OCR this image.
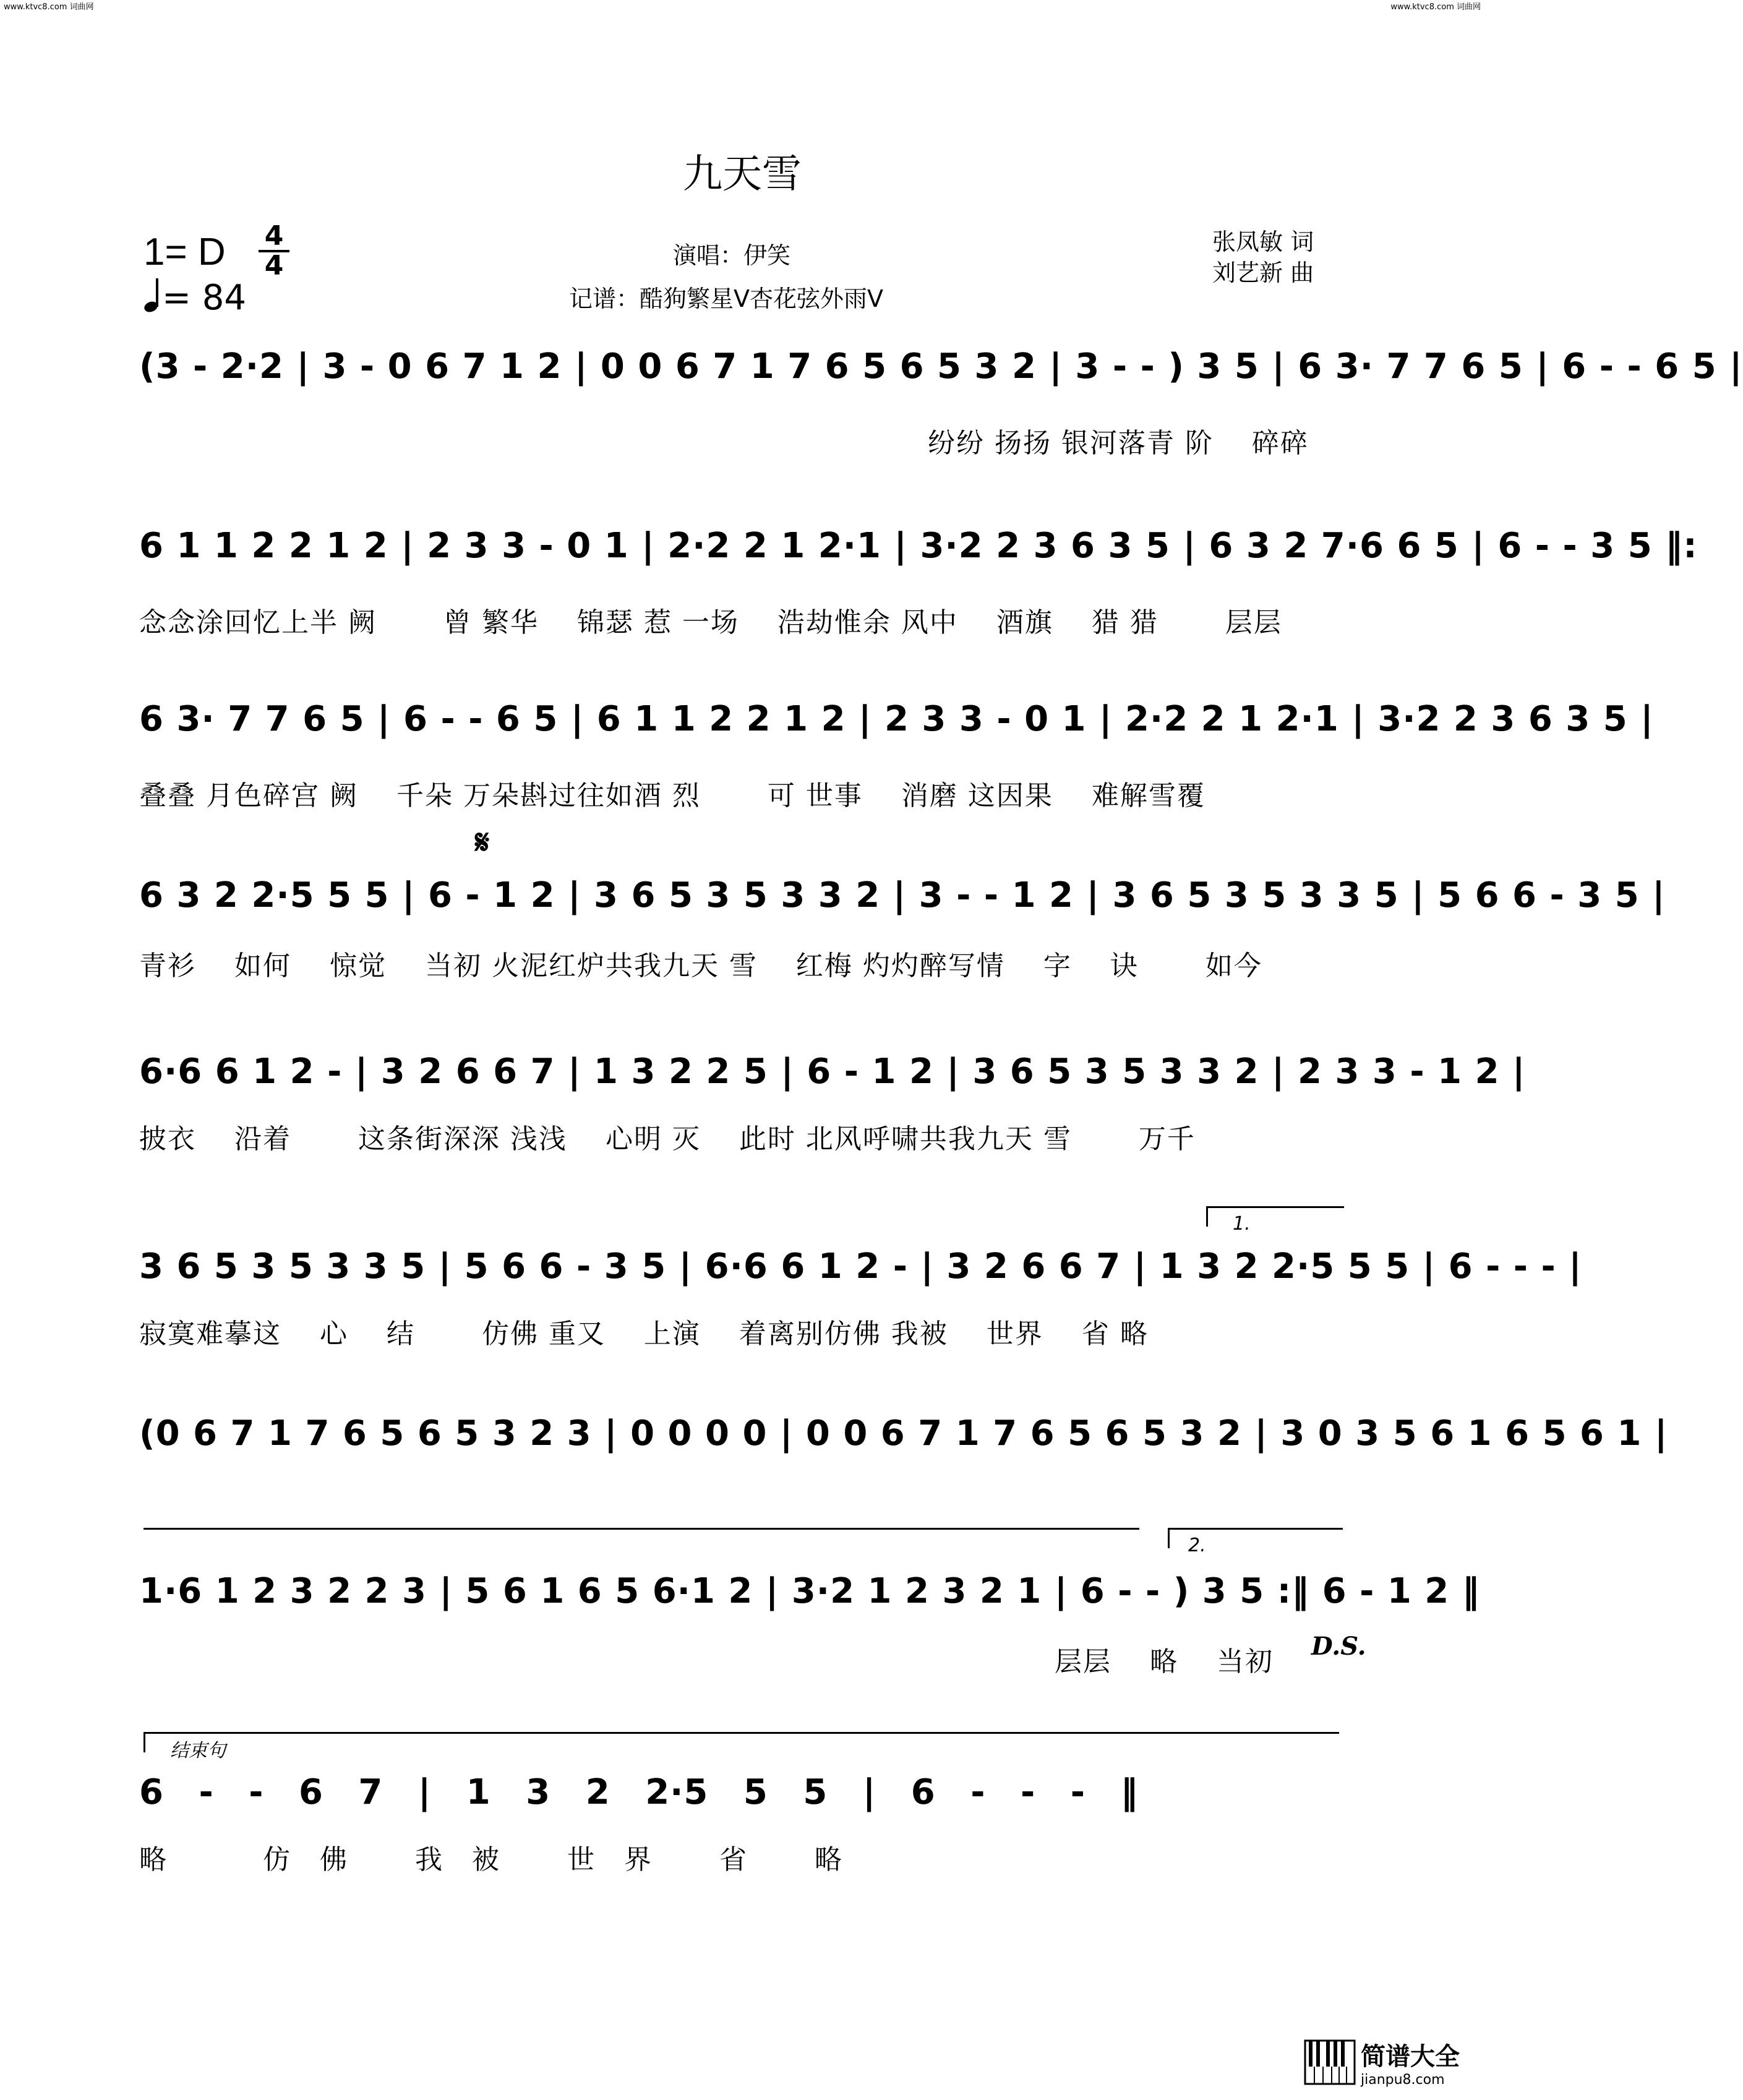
www.ktvc8.com 词曲网	www.ktvc8.com 词曲网
九天雪
1= D 4
4
= 84
演唱：伊笑
记谱：酷狗繁星V杏花弦外雨V
张凤敏 词
刘艺新 曲
(3 - 2·2 | 3 - 0 6 7 1 2 | 0 0 6 7 1 7 6 5 6 5 3 2 | 3 - - ) 3 5 | 6 3· 7 7 6 5 | 6 - - 6 5 |
纷纷 扬扬 银河落青 阶　 碎碎
6 1 1 2 2 1 2 | 2 3 3 - 0 1 | 2·2 2 1 2·1 | 3·2 2 3 6 3 5 | 6 3 2 7·6 6 5 | 6 - - 3 5 ‖:
念念涂回忆上半 阙　　 曾 繁华　 锦瑟 惹 一场　 浩劫惟余 风中　 酒旗　 猎 猎　　 层层
6 3· 7 7 6 5 | 6 - - 6 5 | 6 1 1 2 2 1 2 | 2 3 3 - 0 1 | 2·2 2 1 2·1 | 3·2 2 3 6 3 5 |
叠叠 月色碎宫 阙　 千朵 万朵斟过往如酒 烈　　 可 世事　 消磨 这因果　 难解雪覆
𝄋
6 3 2 2·5 5 5 | 6 - 1 2 | 3 6 5 3 5 3 3 2 | 3 - - 1 2 | 3 6 5 3 5 3 3 5 | 5 6 6 - 3 5 |
青衫　 如何　 惊觉　 当初 火泥红炉共我九天 雪　 红梅 灼灼醉写情　 字　 诀　　 如今
6·6 6 1 2 - | 3 2 6 6 7 | 1 3 2 2 5 | 6 - 1 2 | 3 6 5 3 5 3 3 2 | 2 3 3 - 1 2 |
披衣　 沿着　　 这条街深深 浅浅　 心明 灭　 此时 北风呼啸共我九天 雪　　 万千
1.
3 6 5 3 5 3 3 5 | 5 6 6 - 3 5 | 6·6 6 1 2 - | 3 2 6 6 7 | 1 3 2 2·5 5 5 | 6 - - - |
寂寞难摹这　 心　 结　　 仿佛 重又　 上演　 着离别仿佛 我被　 世界　 省 略
(0 6 7 1 7 6 5 6 5 3 2 3 | 0 0 0 0 | 0 0 6 7 1 7 6 5 6 5 3 2 | 3 0 3 5 6 1 6 5 6 1 |
2.
1·6 1 2 3 2 2 3 | 5 6 1 6 5 6·1 2 | 3·2 1 2 3 2 1 | 6 - - ) 3 5 :‖ 6 - 1 2 ‖
层层　 略　 当初	D.S.
结束句
6 - - 6 7 | 1 3 2 2·5 5 5 | 6 - - - ‖
略　　　 仿　佛　　 我　被　　 世　界　　 省　　 略
简谱大全
jianpu8.com
